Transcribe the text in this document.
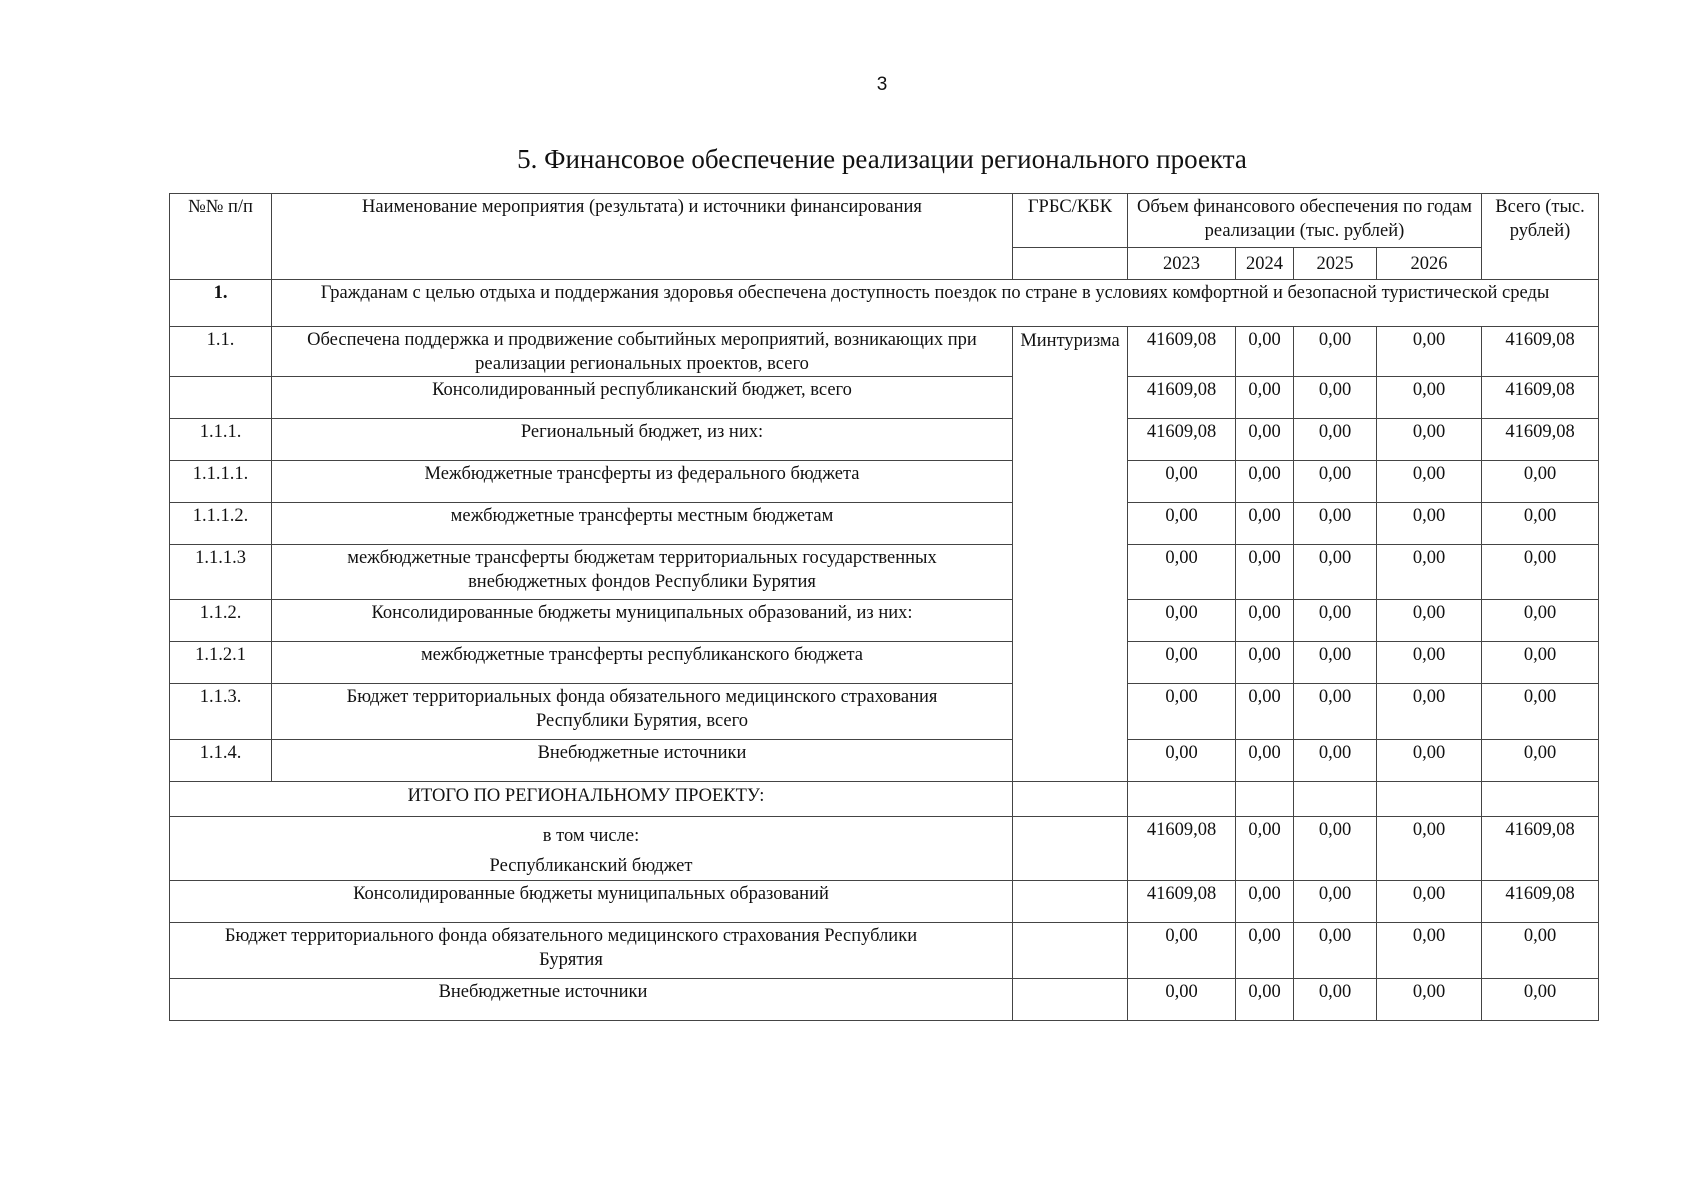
3
5. Финансовое обеспечение реализации регионального проекта
№№ п/п	Наименование мероприятия (результата) и источники финансирования	ГРБС/КБК	Объем финансового обеспечения по годам реализации (тыс. рублей)				Всего (тыс. рублей)
			2023	2024	2025	2026	
1.	Гражданам с целью отдыха и поддержания здоровья обеспечена доступность поездок по стране в условиях комфортной и безопасной туристической среды						
1.1.	Обеспечена поддержка и продвижение событийных мероприятий, возникающих при реализации региональных проектов, всего	Минтуризма	41609,08	0,00	0,00	0,00	41609,08
	Консолидированный республиканский бюджет, всего		41609,08	0,00	0,00	0,00	41609,08
1.1.1.	Региональный бюджет, из них:		41609,08	0,00	0,00	0,00	41609,08
1.1.1.1.	Межбюджетные трансферты из федерального бюджета		0,00	0,00	0,00	0,00	0,00
1.1.1.2.	межбюджетные трансферты местным бюджетам		0,00	0,00	0,00	0,00	0,00
1.1.1.3	межбюджетные трансферты бюджетам территориальных государственных внебюджетных фондов Республики Бурятия		0,00	0,00	0,00	0,00	0,00
1.1.2.	Консолидированные бюджеты муниципальных образований, из них:		0,00	0,00	0,00	0,00	0,00
1.1.2.1	межбюджетные трансферты республиканского бюджета		0,00	0,00	0,00	0,00	0,00
1.1.3.	Бюджет территориальных фонда обязательного медицинского страхования Республики Бурятия, всего		0,00	0,00	0,00	0,00	0,00
1.1.4.	Внебюджетные источники		0,00	0,00	0,00	0,00	0,00
ИТОГО ПО РЕГИОНАЛЬНОМУ ПРОЕКТУ:							

в том числе:
Республиканский бюджет			41609,08	0,00	0,00	0,00	41609,08
Консолидированные бюджеты муниципальных образований			41609,08	0,00	0,00	0,00	41609,08
Бюджет территориального фонда обязательного медицинского страхования Республики Бурятия			0,00	0,00	0,00	0,00	0,00
Внебюджетные источники			0,00	0,00	0,00	0,00	0,00
